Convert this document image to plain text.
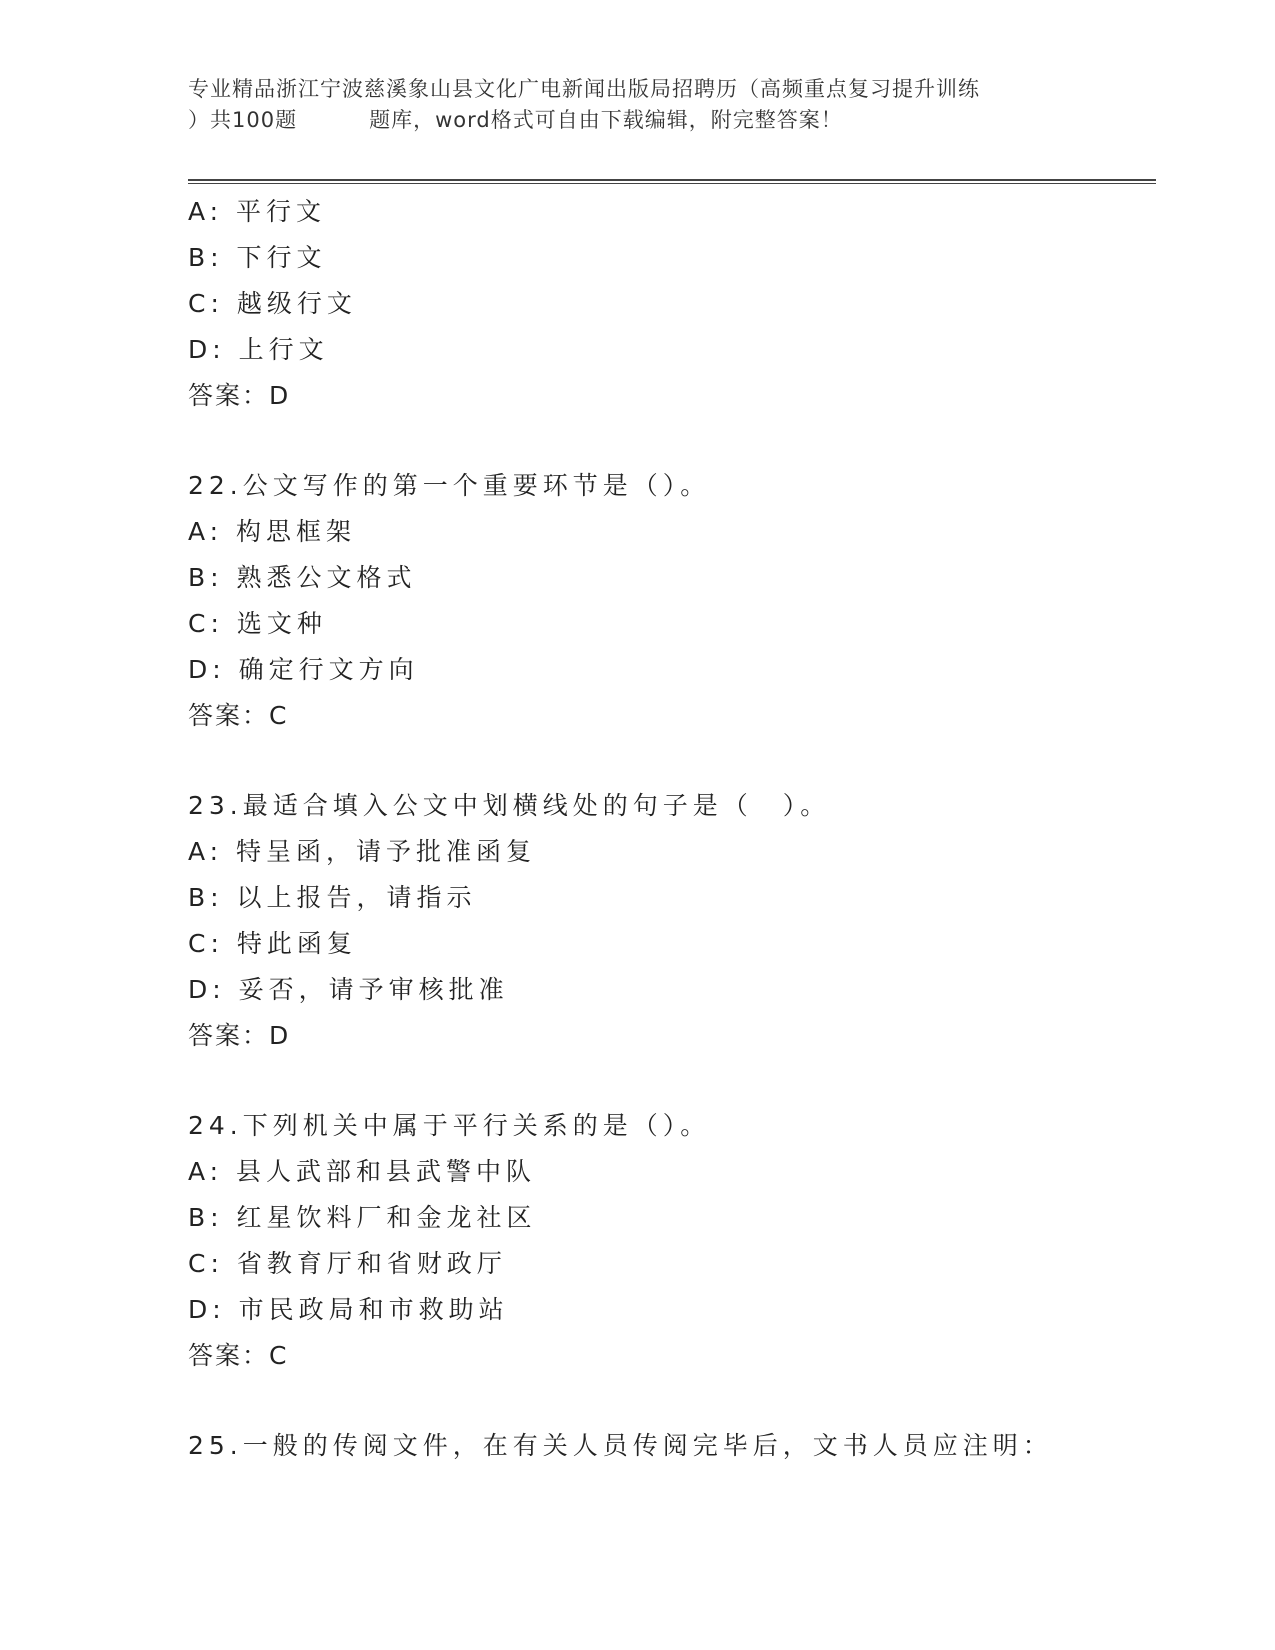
专业精品浙江宁波慈溪象山县文化广电新闻出版局招聘历（高频重点复习提升训练
）共100题	题库，word格式可自由下载编辑，附完整答案！
A: 平行文
B: 下行文
C: 越级行文
D: 上行文
答案：D
22.公文写作的第一个重要环节是（）。
A: 构思框架
B: 熟悉公文格式
C: 选文种
D: 确定行文方向
答案：C
23.最适合填入公文中划横线处的句子是（　）。
A: 特呈函，请予批准函复
B: 以上报告，请指示
C: 特此函复
D: 妥否，请予审核批准
答案：D
24.下列机关中属于平行关系的是（）。
A: 县人武部和县武警中队
B: 红星饮料厂和金龙社区
C: 省教育厅和省财政厅
D: 市民政局和市救助站
答案：C
25.一般的传阅文件，在有关人员传阅完毕后，文书人员应注明：
